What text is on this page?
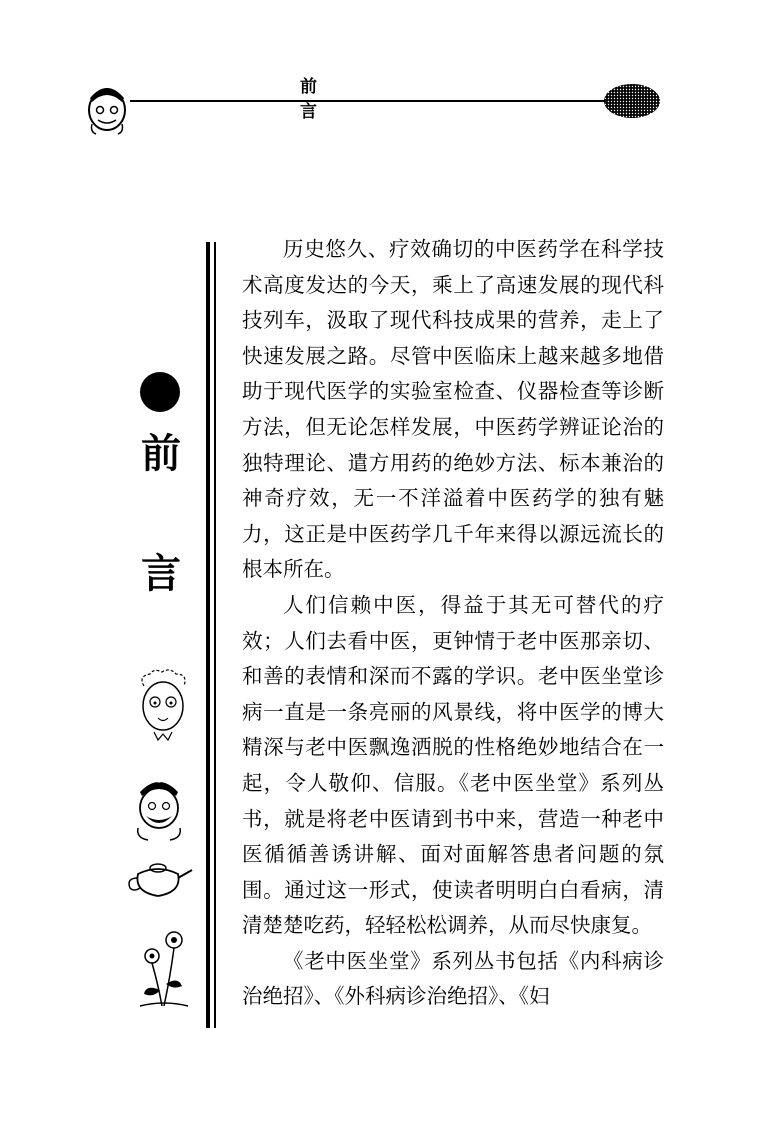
前 言
前
言

历史悠久、疗效确切的中医药学在科学技术高度发达的今天，乘上了高速发展的现代科技列车，汲取了现代科技成果的营养，走上了快速发展之路。尽管中医临床上越来越多地借助于现代医学的实验室检查、仪器检查等诊断方法，但无论怎样发展，中医药学辨证论治的独特理论、遣方用药的绝妙方法、标本兼治的神奇疗效，无一不洋溢着中医药学的独有魅力，这正是中医药学几千年来得以源远流长的根本所在。

人们信赖中医，得益于其无可替代的疗效；人们去看中医，更钟情于老中医那亲切、和善的表情和深而不露的学识。老中医坐堂诊病一直是一条亮丽的风景线，将中医学的博大精深与老中医飘逸洒脱的性格绝妙地结合在一起，令人敬仰、信服。《老中医坐堂》系列丛书，就是将老中医请到书中来，营造一种老中医循循善诱讲解、面对面解答患者问题的氛围。通过这一形式，使读者明明白白看病，清清楚楚吃药，轻轻松松调养，从而尽快康复。

《老中医坐堂》系列丛书包括《内科病诊治绝招》、《外科病诊治绝招》、《妇
